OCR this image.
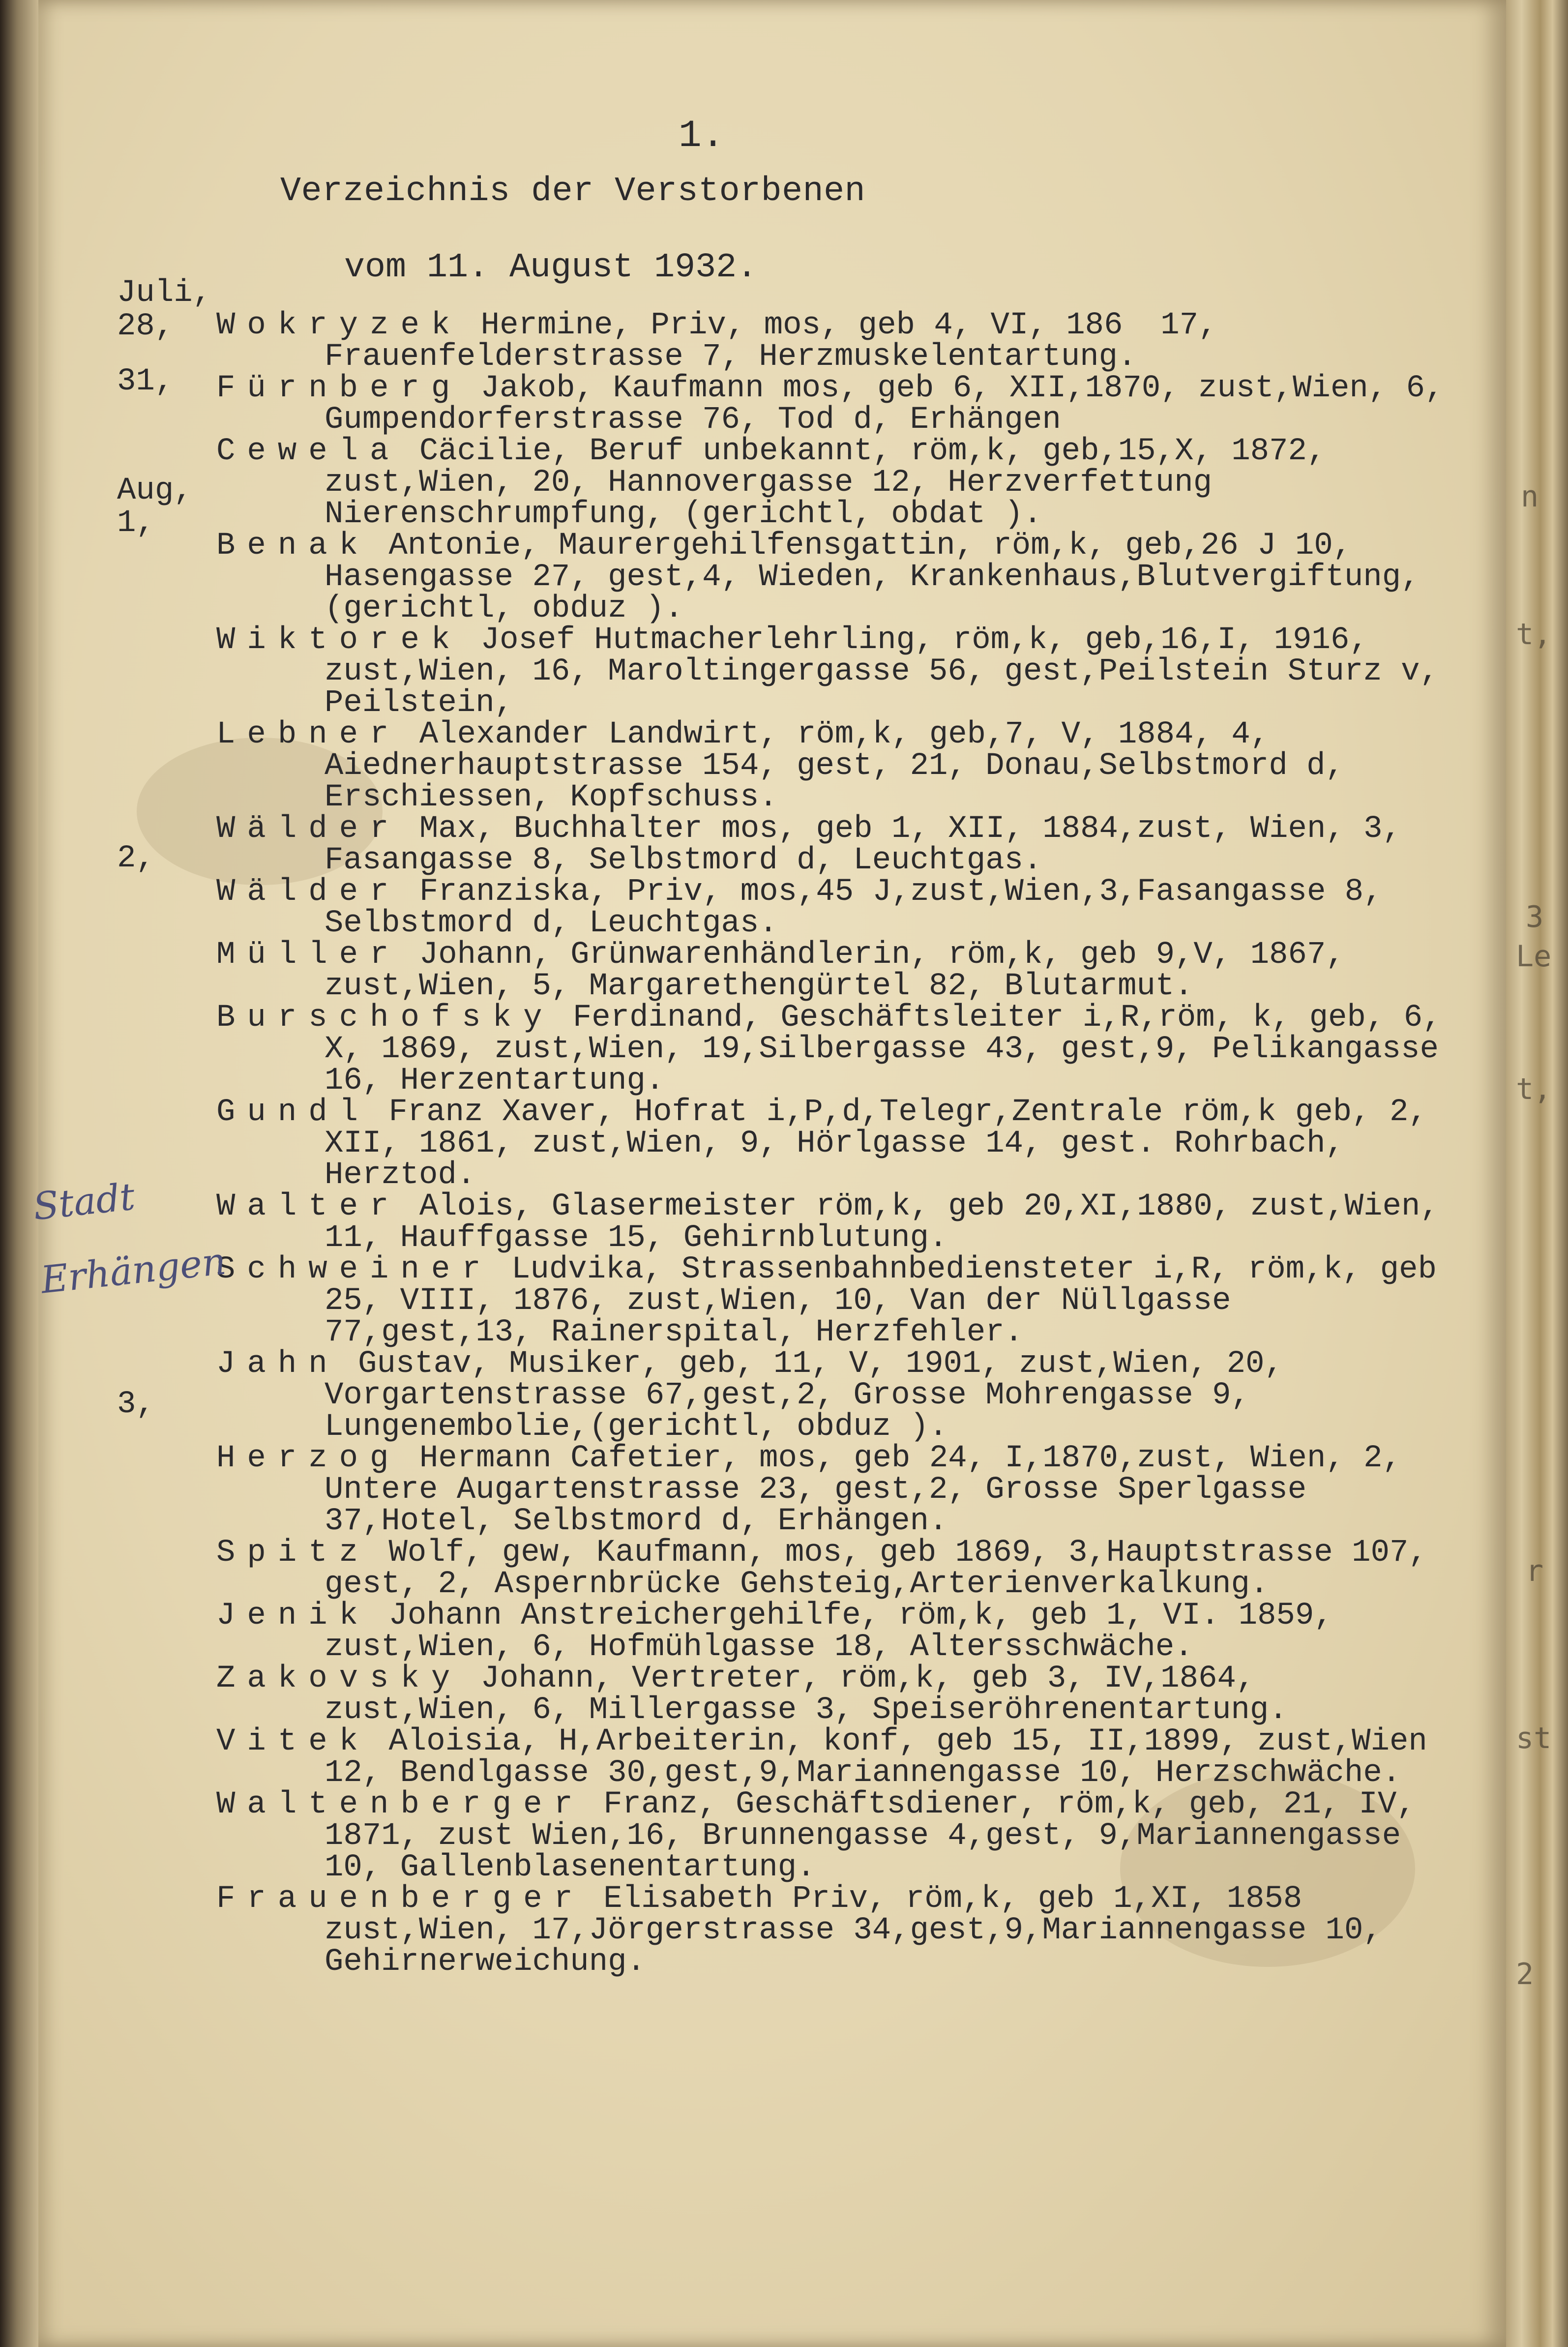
n
t,
3
Le
t,
r
st
2
1.
Verzeichnis der Verstorbenen
vom 11. August 1932.
Juli,
28,
31,
Aug,
1,
2,
3,

Wokryzek Hermine, Priv, mos, geb 4, VI, 186  17, Frauenfelderstrasse 7, Herzmuskelentartung.

Fürnberg Jakob, Kaufmann mos, geb 6, XII,1870, zust,Wien, 6, Gumpendorferstrasse 76, Tod d, Erhängen

Cewela Cäcilie, Beruf unbekannt, röm,k, geb,15,X, 1872, zust,Wien, 20, Hannovergasse 12, Herzverfettung Nierenschrumpfung, (gerichtl, obdat ).

Benak Antonie, Maurergehilfensgattin, röm,k, geb,26 J 10, Hasengasse 27, gest,4, Wieden, Krankenhaus,Blutvergiftung, (gerichtl, obduz ).

Wiktorek Josef Hutmacherlehrling, röm,k, geb,16,I, 1916, zust,Wien, 16, Maroltingergasse 56, gest,Peilstein Sturz v, Peilstein,

Lebner Alexander Landwirt, röm,k, geb,7, V, 1884, 4, Aiednerhauptstrasse 154, gest, 21, Donau,Selbstmord d, Erschiessen, Kopfschuss.

Wälder Max, Buchhalter mos, geb 1, XII, 1884,zust, Wien, 3, Fasangasse 8, Selbstmord d, Leuchtgas.

Wälder Franziska, Priv, mos,45 J,zust,Wien,3,Fasangasse 8, Selbstmord d, Leuchtgas.

Müller Johann, Grünwarenhändlerin, röm,k, geb 9,V, 1867, zust,Wien, 5, Margarethengürtel 82, Blutarmut.

Burschofsky Ferdinand, Geschäftsleiter i,R,röm, k, geb, 6, X, 1869, zust,Wien, 19,Silbergasse 43, gest,9, Pelikangasse 16, Herzentartung.

Gundl Franz Xaver, Hofrat i,P,d,Telegr,Zentrale röm,k geb, 2, XII, 1861, zust,Wien, 9, Hörlgasse 14, gest. Rohrbach, Herztod.

Walter Alois, Glasermeister röm,k, geb 20,XI,1880, zust,Wien, 11, Hauffgasse 15, Gehirnblutung.

Schweiner Ludvika, Strassenbahnbediensteter i,R, röm,k, geb 25, VIII, 1876, zust,Wien, 10, Van der Nüllgasse 77,gest,13, Rainerspital, Herzfehler.

Jahn Gustav, Musiker, geb, 11, V, 1901, zust,Wien, 20, Vorgartenstrasse 67,gest,2, Grosse Mohrengasse 9, Lungenembolie,(gerichtl, obduz ).

Herzog Hermann Cafetier, mos, geb 24, I,1870,zust, Wien, 2, Untere Augartenstrasse 23, gest,2, Grosse Sperlgasse 37,Hotel, Selbstmord d, Erhängen.

Spitz Wolf, gew, Kaufmann, mos, geb 1869, 3,Hauptstrasse 107, gest, 2, Aspernbrücke Gehsteig,Arterienverkalkung.

Jenik Johann Anstreichergehilfe, röm,k, geb 1, VI. 1859, zust,Wien, 6, Hofmühlgasse 18, Altersschwäche.

Zakovsky Johann, Vertreter, röm,k, geb 3, IV,1864, zust,Wien, 6, Millergasse 3, Speiseröhrenentartung.

Vitek Aloisia, H,Arbeiterin, konf, geb 15, II,1899, zust,Wien 12, Bendlgasse 30,gest,9,Mariannengasse 10, Herzschwäche.

Waltenberger Franz, Geschäftsdiener, röm,k, geb, 21, IV, 1871, zust Wien,16, Brunnengasse 4,gest, 9,Mariannengasse 10, Gallenblasenentartung.

Frauenberger Elisabeth Priv, röm,k, geb 1,XI, 1858 zust,Wien, 17,Jörgerstrasse 34,gest,9,Mariannengasse 10, Gehirnerweichung.

Stadt
Erhängen
